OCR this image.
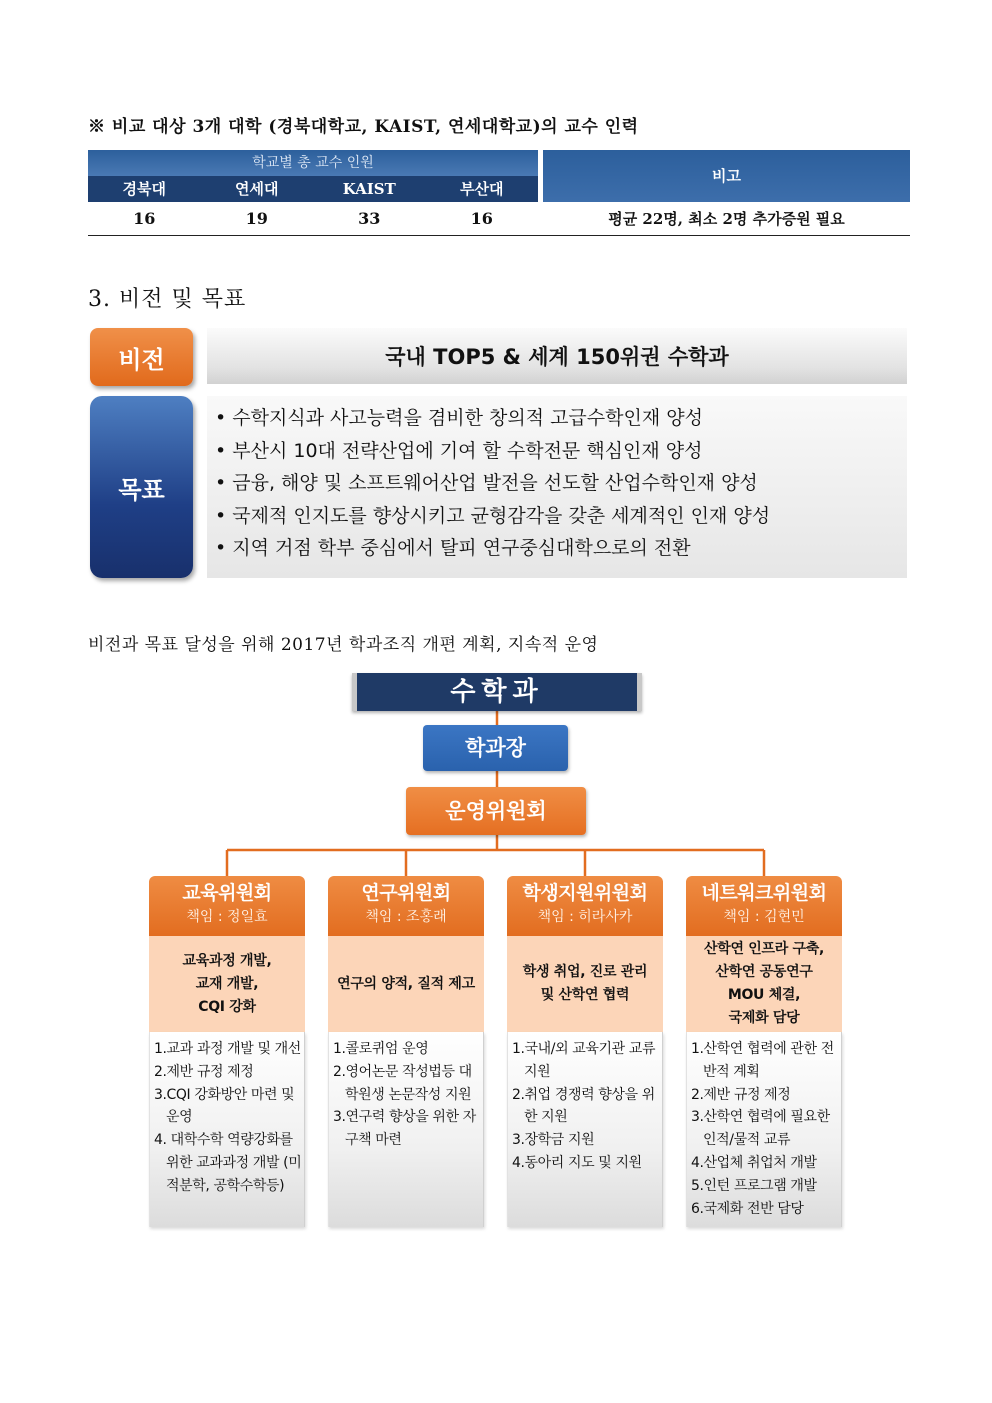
※ 비교 대상 3개 대학 (경북대학교, KAIST, 연세대학교)의 교수 인력
학교별 총 교수 인원
경북대	연세대	KAIST	부산대
비고
16	19	33	16	평균 22명, 최소 2명 추가증원 필요
3. 비전 및 목표
비전	국내 TOP5 & 세계 150위권 수학과
목표
• 수학지식과 사고능력을 겸비한 창의적 고급수학인재 양성
• 부산시 10대 전략산업에 기여 할 수학전문 핵심인재 양성
• 금융, 해양 및 소프트웨어산업 발전을 선도할 산업수학인재 양성
• 국제적 인지도를 향상시키고 균형감각을 갖춘 세계적인 인재 양성
• 지역 거점 학부 중심에서 탈피 연구중심대학으로의 전환
비전과 목표 달성을 위해 2017년 학과조직 개편 계획, 지속적 운영
수학과
학과장
운영위원회
교육위원회
책임 : 정일효
교육과정 개발,
교재 개발,
CQI 강화
1.교과 과정 개발 및 개선
2.제반 규정 제정
3.CQI 강화방안 마련 및 운영
4. 대학수학 역량강화를 위한 교과과정 개발 (미적분학, 공학수학등)
연구위원회
책임 : 조홍래
연구의 양적, 질적 제고
1.콜로퀴엄 운영
2.영어논문 작성법등 대학원생 논문작성 지원
3.연구력 향상을 위한 자구책 마련
학생지원위원회
책임 : 히라사카
학생 취업, 진로 관리
및 산학연 협력
1.국내/외 교육기관 교류 지원
2.취업 경쟁력 향상을 위한 지원
3.장학금 지원
4.동아리 지도 및 지원
네트워크위원회
책임 : 김현민
산학연 인프라 구축,
산학연 공동연구
MOU 체결,
국제화 담당
1.산학연 협력에 관한 전반적 계획
2.제반 규정 제정
3.산학연 협력에 필요한 인적/물적 교류
4.산업체 취업처 개발
5.인턴 프로그램 개발
6.국제화 전반 담당
